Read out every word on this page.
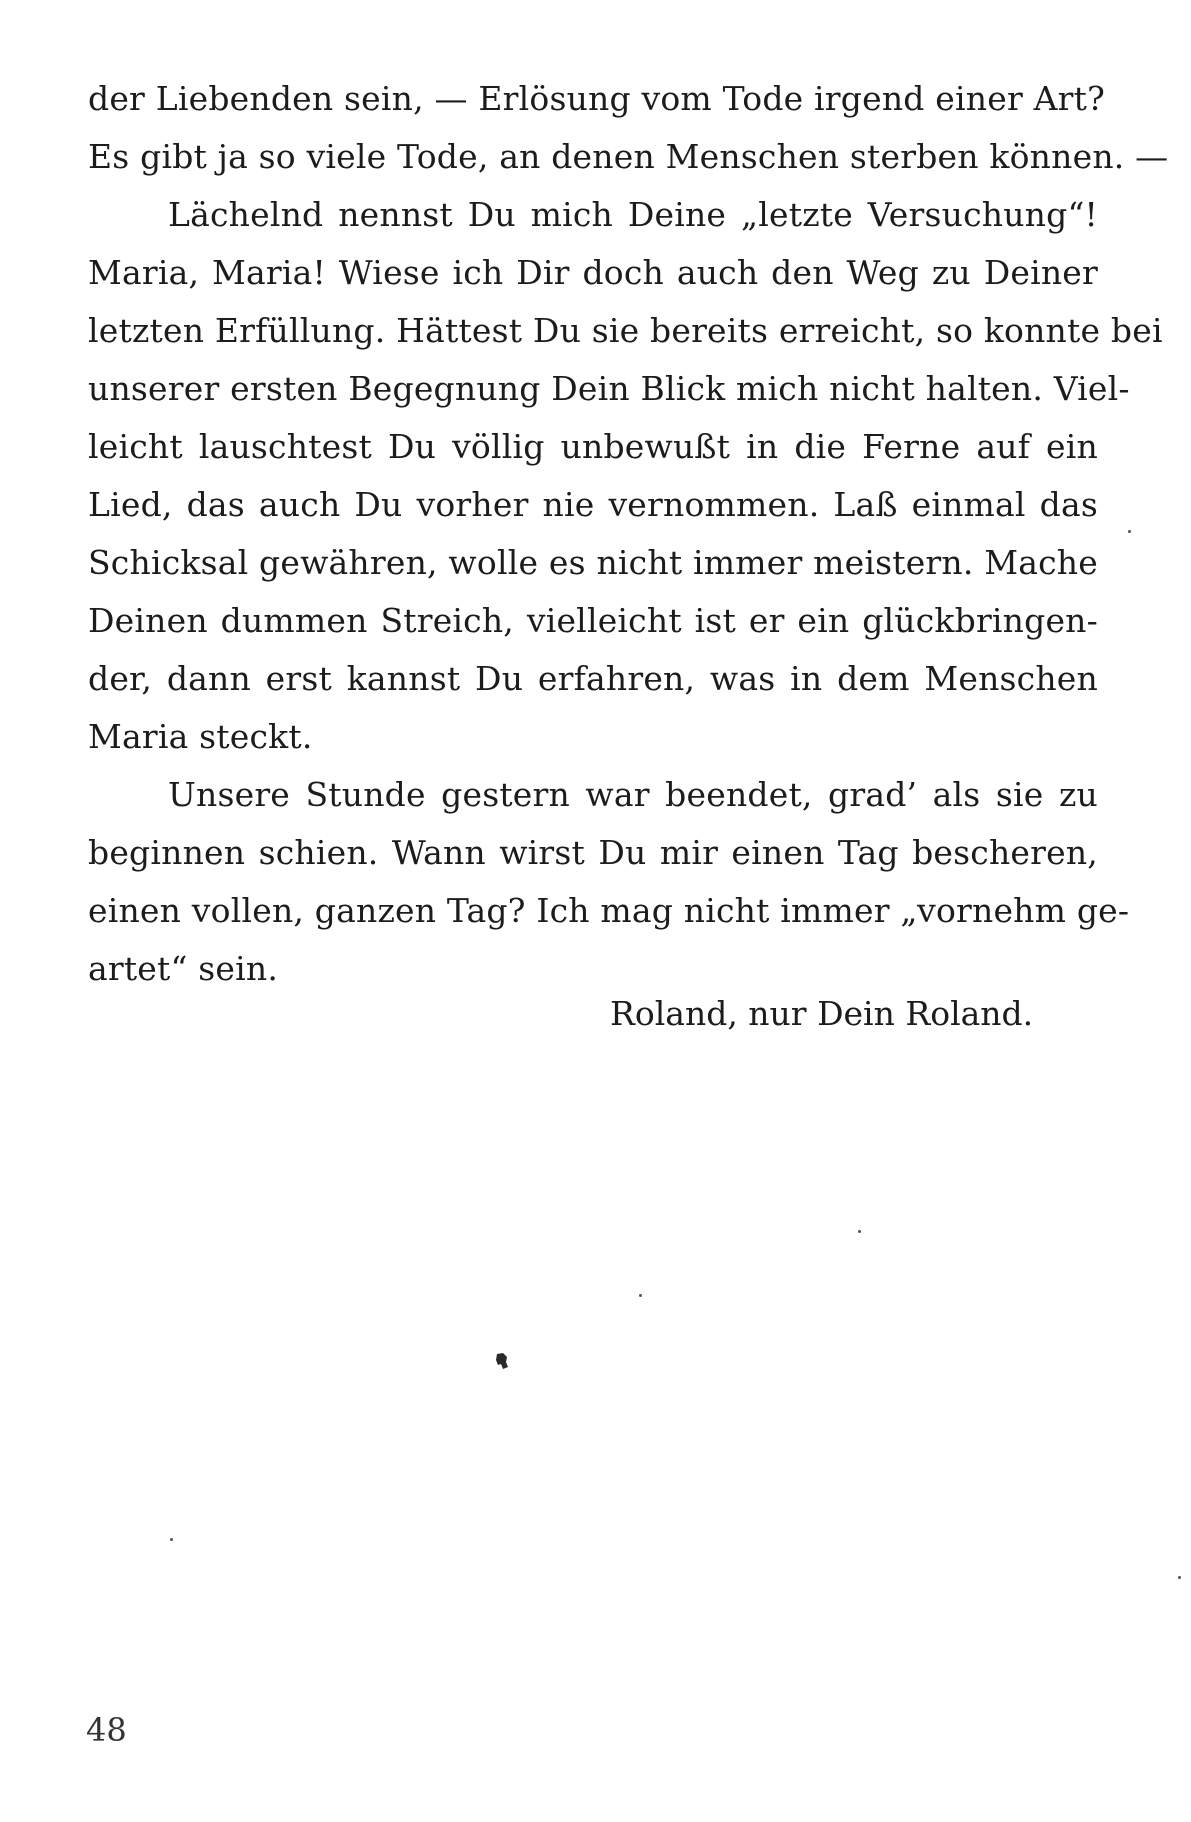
der Liebenden sein, — Erlösung vom Tode irgend einer Art?
Es gibt ja so viele Tode, an denen Menschen sterben können. —
Lächelnd nennst Du mich Deine „letzte Versuchung“!
Maria, Maria! Wiese ich Dir doch auch den Weg zu Deiner
letzten Erfüllung. Hättest Du sie bereits erreicht, so konnte bei
unserer ersten Begegnung Dein Blick mich nicht halten. Viel-
leicht lauschtest Du völlig unbewußt in die Ferne auf ein
Lied, das auch Du vorher nie vernommen. Laß einmal das
Schicksal gewähren, wolle es nicht immer meistern. Mache
Deinen dummen Streich, vielleicht ist er ein glückbringen-
der, dann erst kannst Du erfahren, was in dem Menschen
Maria steckt.
Unsere Stunde gestern war beendet, grad’ als sie zu
beginnen schien. Wann wirst Du mir einen Tag bescheren,
einen vollen, ganzen Tag? Ich mag nicht immer „vornehm ge-
artet“ sein.
Roland, nur Dein Roland.
48
